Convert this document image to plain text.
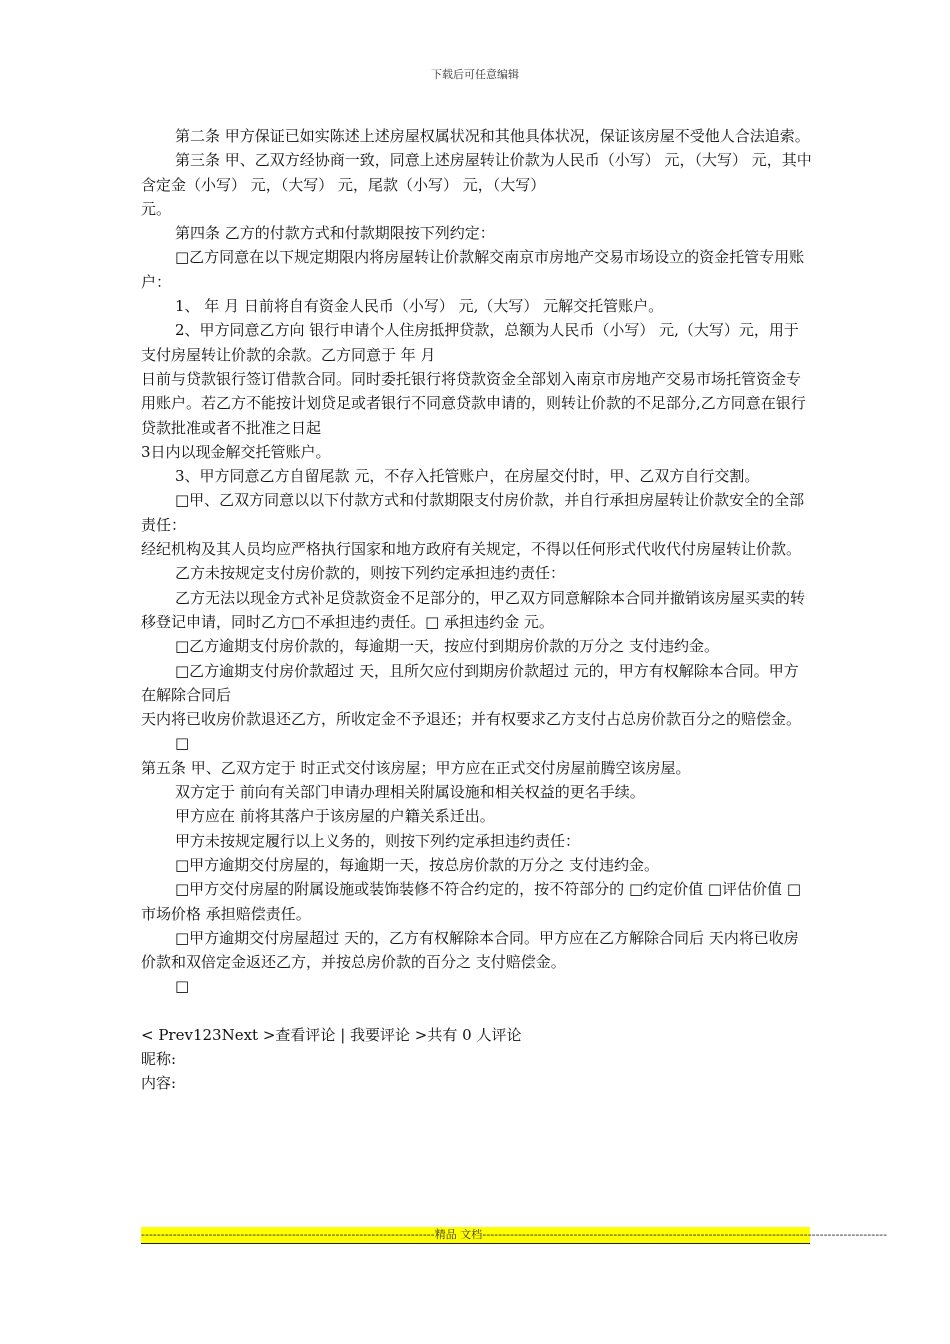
下载后可任意编辑

第二条 甲方保证已如实陈述上述房屋权属状况和其他具体状况，保证该房屋不受他人合法追索。

第三条 甲、乙双方经协商一致，同意上述房屋转让价款为人民币（小写） 元，（大写） 元，其中含定金（小写） 元，（大写） 元，尾款（小写） 元，（大写）

元。

第四条 乙方的付款方式和付款期限按下列约定：

□乙方同意在以下规定期限内将房屋转让价款解交南京市房地产交易市场设立的资金托管专用账户：

1、 年 月 日前将自有资金人民币（小写） 元,（大写） 元解交托管账户。

2、甲方同意乙方向 银行申请个人住房抵押贷款，总额为人民币（小写） 元,（大写）元，用于支付房屋转让价款的余款。乙方同意于 年 月

日前与贷款银行签订借款合同。同时委托银行将贷款资金全部划入南京市房地产交易市场托管资金专用账户。若乙方不能按计划贷足或者银行不同意贷款申请的，则转让价款的不足部分,乙方同意在银行贷款批准或者不批准之日起

3日内以现金解交托管账户。

3、甲方同意乙方自留尾款 元，不存入托管账户，在房屋交付时，甲、乙双方自行交割。

□甲、乙双方同意以以下付款方式和付款期限支付房价款，并自行承担房屋转让价款安全的全部责任：

经纪机构及其人员均应严格执行国家和地方政府有关规定，不得以任何形式代收代付房屋转让价款。

乙方未按规定支付房价款的，则按下列约定承担违约责任：

乙方无法以现金方式补足贷款资金不足部分的，甲乙双方同意解除本合同并撤销该房屋买卖的转移登记申请，同时乙方□不承担违约责任。□ 承担违约金 元。

□乙方逾期支付房价款的，每逾期一天，按应付到期房价款的万分之 支付违约金。

□乙方逾期支付房价款超过 天，且所欠应付到期房价款超过 元的，甲方有权解除本合同。甲方在解除合同后

天内将已收房价款退还乙方，所收定金不予退还；并有权要求乙方支付占总房价款百分之的赔偿金。

□

第五条 甲、乙双方定于 时正式交付该房屋；甲方应在正式交付房屋前腾空该房屋。

双方定于 前向有关部门申请办理相关附属设施和相关权益的更名手续。

甲方应在 前将其落户于该房屋的户籍关系迁出。

甲方未按规定履行以上义务的，则按下列约定承担违约责任：

□甲方逾期交付房屋的，每逾期一天，按总房价款的万分之 支付违约金。

□甲方交付房屋的附属设施或装饰装修不符合约定的，按不符部分的 □约定价值 □评估价值 □市场价格 承担赔偿责任。

□甲方逾期交付房屋超过 天的，乙方有权解除本合同。甲方应在乙方解除合同后 天内将已收房价款和双倍定金返还乙方，并按总房价款的百分之 支付赔偿金。

□

< Prev123Next >查看评论 | 我要评论 >共有 0 人评论

昵称:

内容:

--------------------------------------------------------------------------精品 文档------------------------------------------------------------------------------------------------------
